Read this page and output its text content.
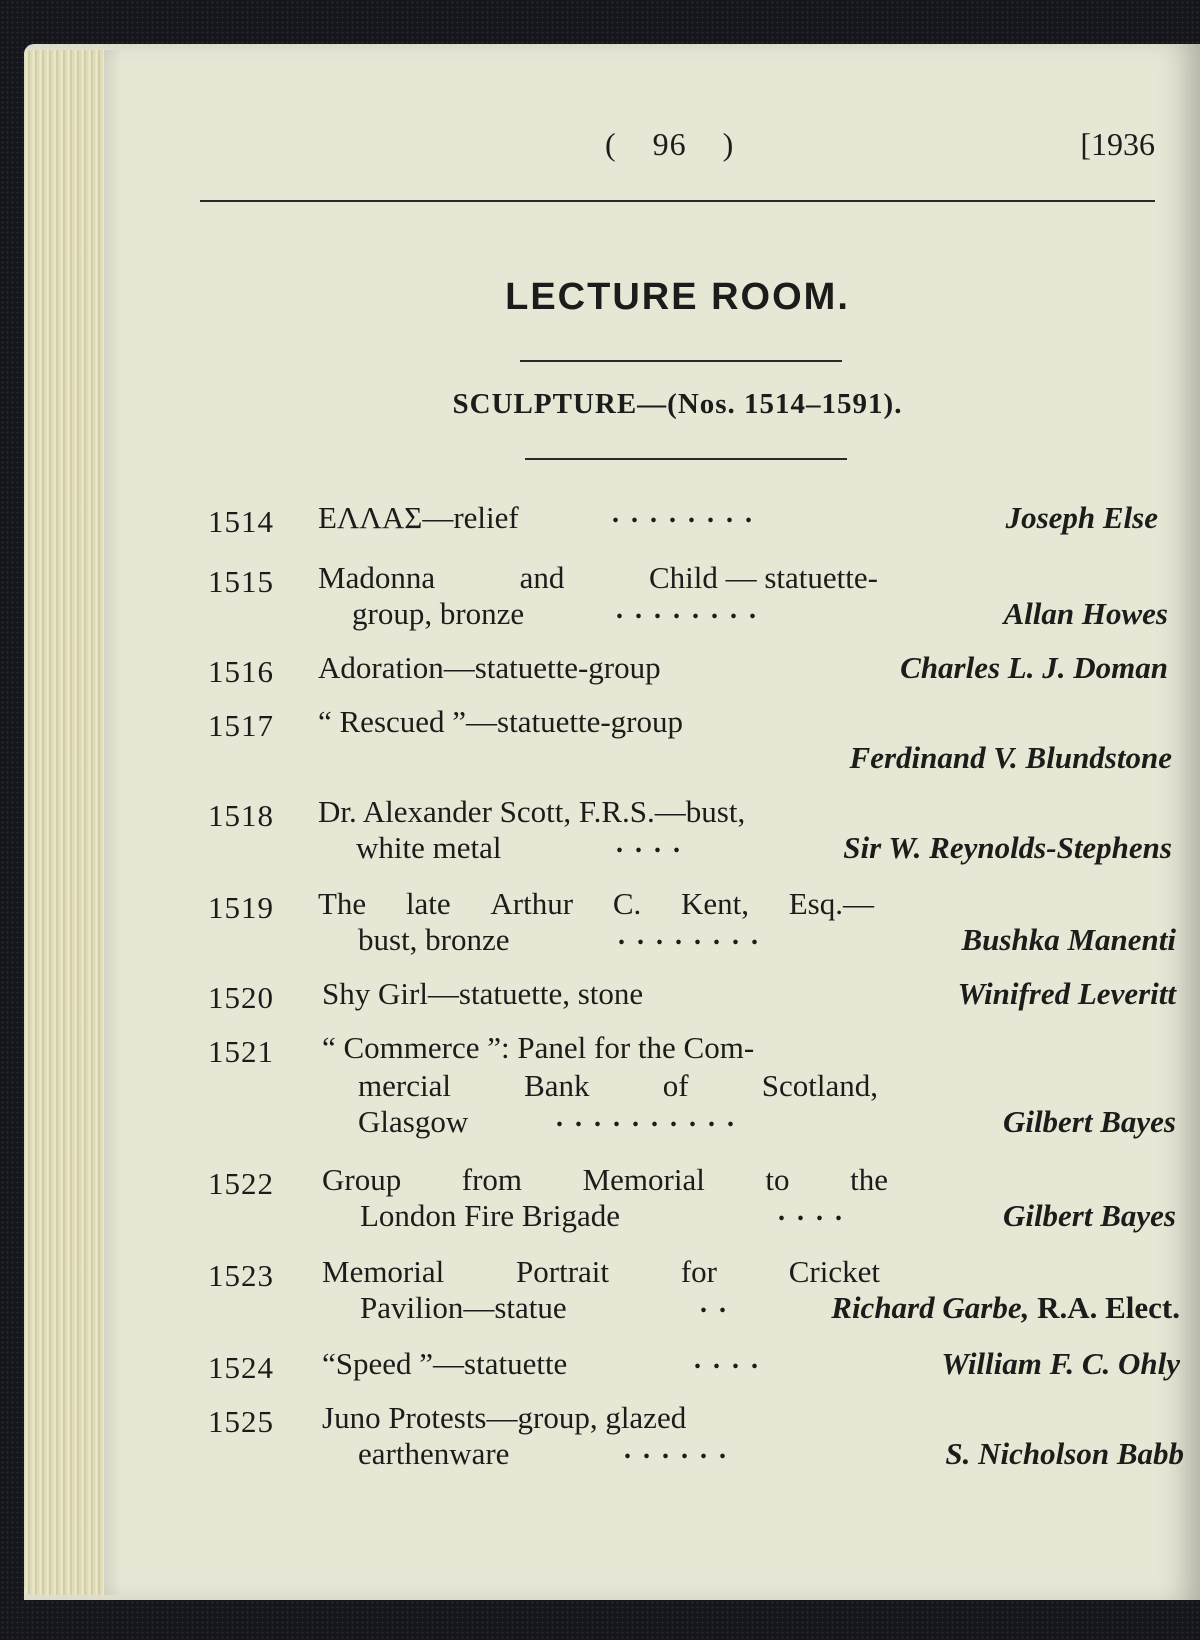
( 96 )	[1936
LECTURE ROOM.
SCULPTURE—(Nos. 1514–1591).
1514 ΕΛΛΑΣ—relief	........	Joseph Else
1515 Madonna	and	Child — statuette-
group, bronze	........	Allan Howes
1516 Adoration—statuette-group	Charles L. J. Doman
1517 “ Rescued ”—statuette-group
Ferdinand V. Blundstone
1518 Dr. Alexander Scott, F.R.S.—bust,
white metal	....	Sir W. Reynolds-Stephens
1519 The late Arthur C. Kent, Esq.—
bust, bronze	........	Bushka Manenti
1520 Shy Girl—statuette, stone	Winifred Leveritt
1521 “ Commerce ”: Panel for the Com-
mercial Bank of Scotland,
Glasgow	..........	Gilbert Bayes
1522 Group from Memorial to the
London Fire Brigade	....	Gilbert Bayes
1523 Memorial Portrait for Cricket
Pavilion—statue	..	Richard Garbe, R.A. Elect.
1524 “Speed ”—statuette	....	William F. C. Ohly
1525 Juno Protests—group, glazed
earthenware	......	S. Nicholson Babb
